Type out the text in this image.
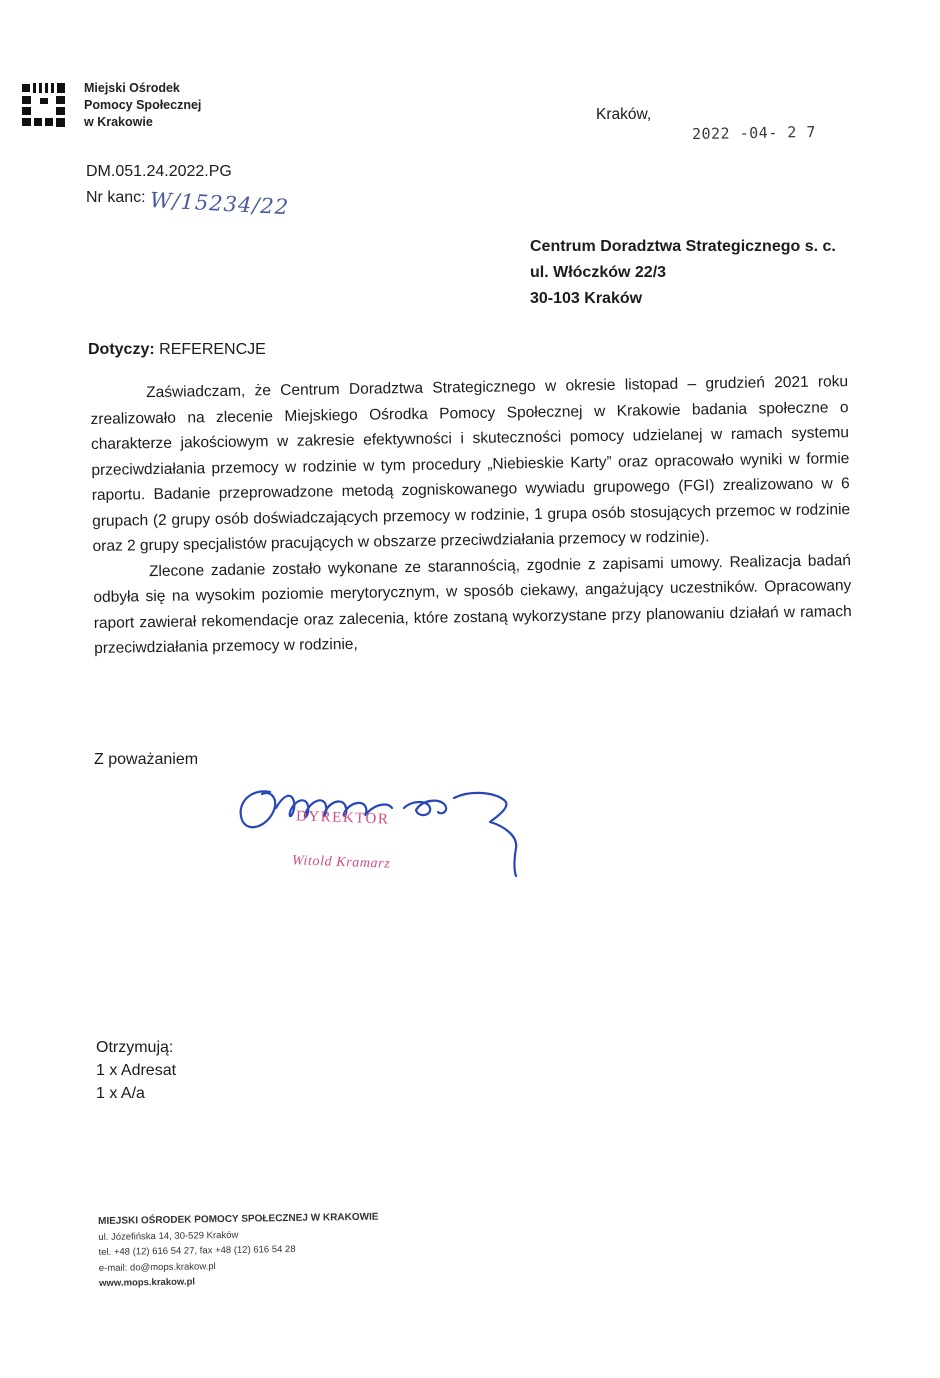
Miejski Ośrodek
Pomocy Społecznej
w Krakowie	Kraków,
2022 -04- 2 7
DM.051.24.2022.PG
Nr kanc: W/15234/22
Centrum Doradztwa Strategicznego s. c.
ul. Włóczków 22/3
30-103 Kraków
Dotyczy: REFERENCJE

Zaświadczam, że Centrum Doradztwa Strategicznego w okresie listopad – grudzień 2021 roku zrealizowało na zlecenie Miejskiego Ośrodka Pomocy Społecznej w Krakowie badania społeczne o charakterze jakościowym w zakresie efektywności i skuteczności pomocy udzielanej w ramach systemu przeciwdziałania przemocy w rodzinie w tym procedury „Niebieskie Karty” oraz opracowało wyniki w formie raportu. Badanie przeprowadzone metodą zogniskowanego wywiadu grupowego (FGI) zrealizowano w 6 grupach (2 grupy osób doświadczających przemocy w rodzinie, 1 grupa osób stosujących przemoc w rodzinie oraz 2 grupy specjalistów pracujących w obszarze przeciwdziałania przemocy w rodzinie).

Zlecone zadanie zostało wykonane ze starannością, zgodnie z zapisami umowy. Realizacja badań odbyła się na wysokim poziomie merytorycznym, w sposób ciekawy, angażujący uczestników. Opracowany raport zawierał rekomendacje oraz zalecenia, które zostaną wykorzystane przy planowaniu działań w ramach przeciwdziałania przemocy w rodzinie,

Z poważaniem
DYREKTOR
Witold Kramarz
Otrzymują:
1 x Adresat
1 x A/a
MIEJSKI OŚRODEK POMOCY SPOŁECZNEJ W KRAKOWIE
ul. Józefińska 14, 30-529 Kraków
tel. +48 (12) 616 54 27, fax +48 (12) 616 54 28
e-mail: do@mops.krakow.pl
www.mops.krakow.pl
